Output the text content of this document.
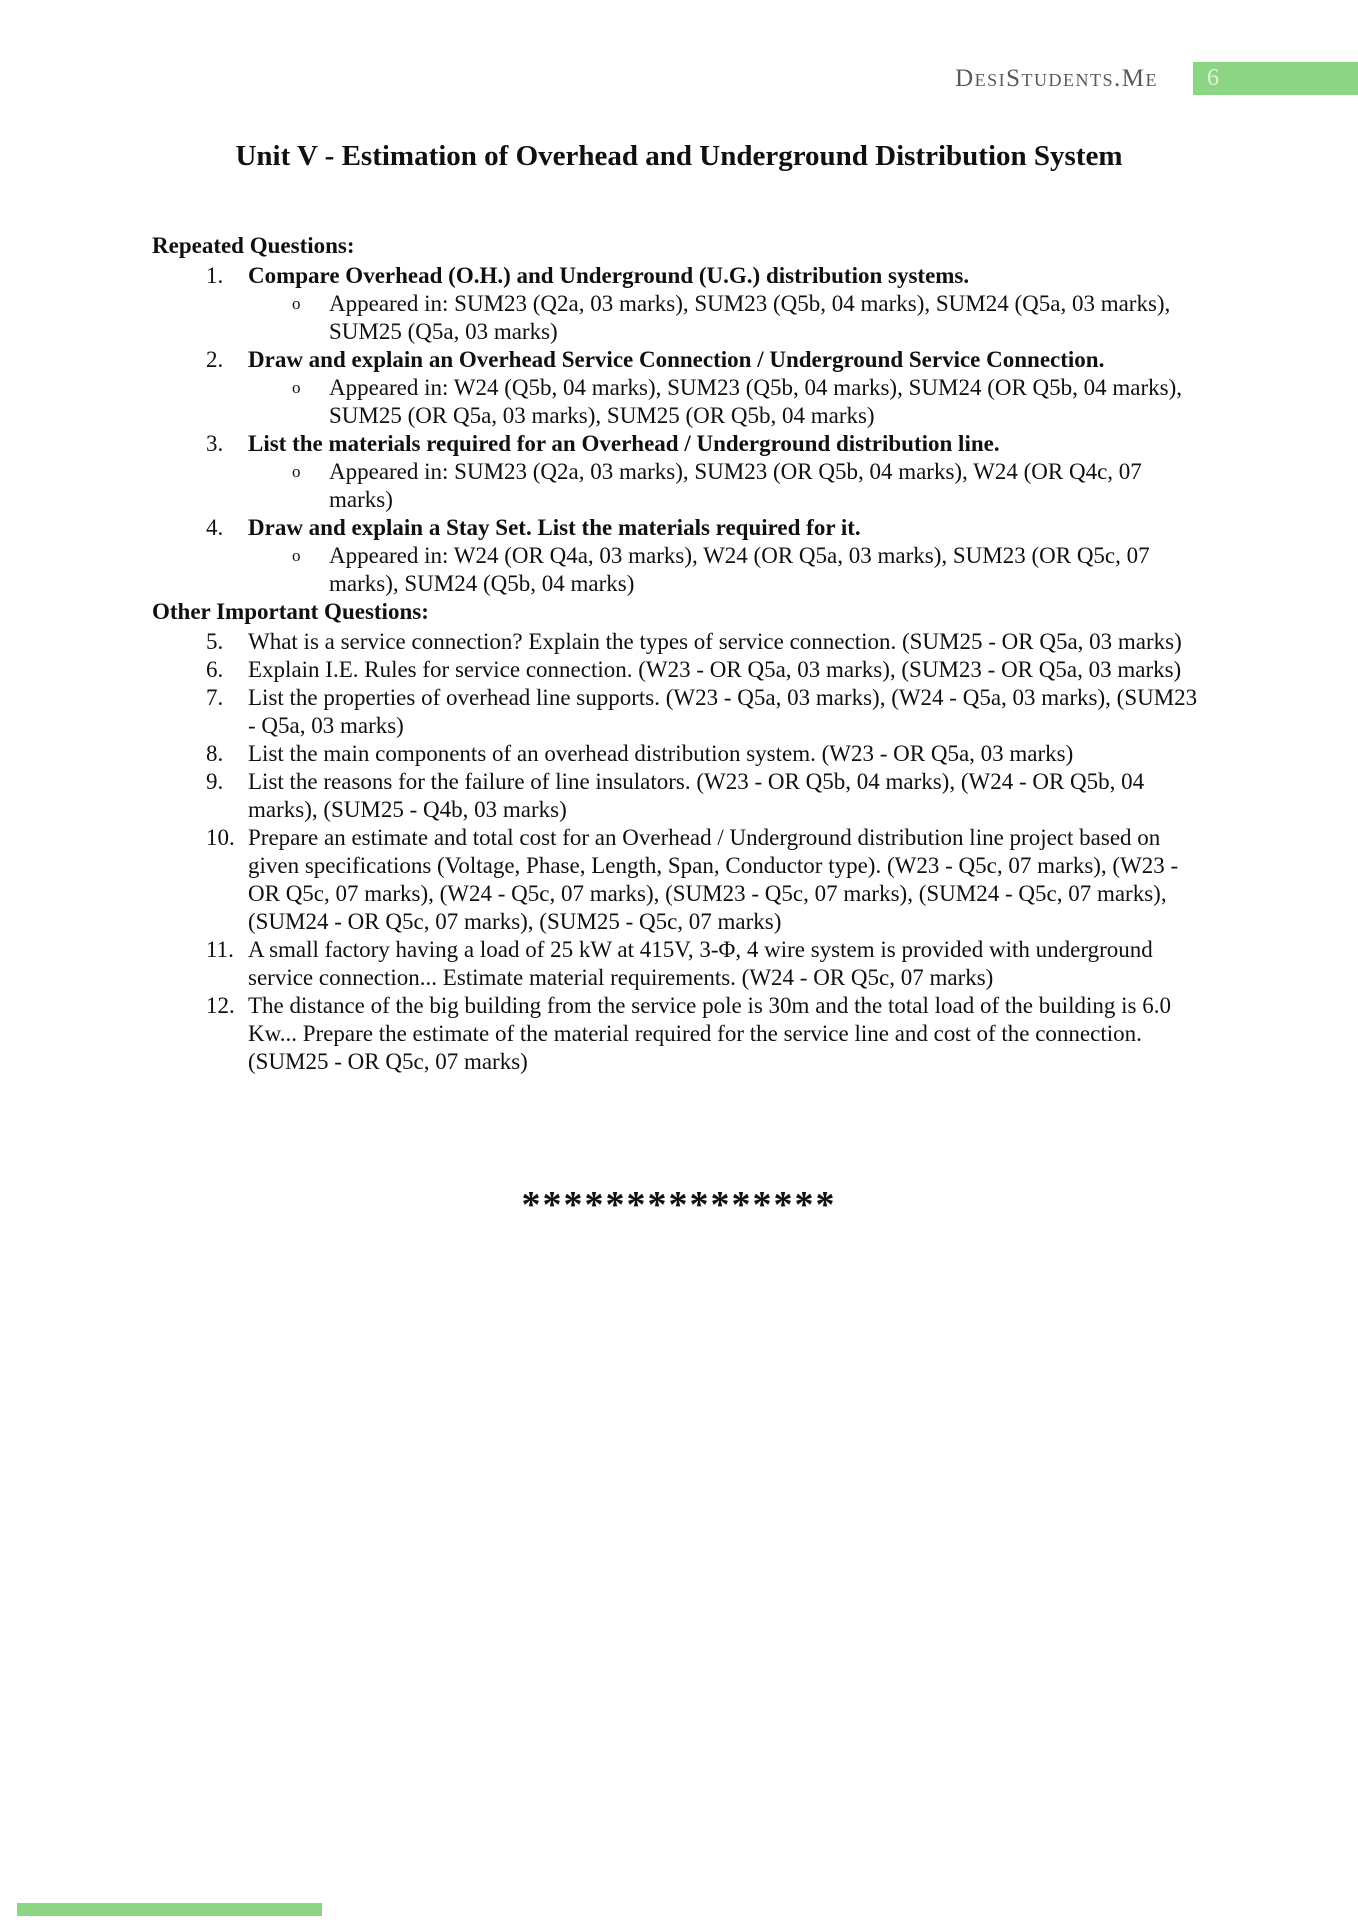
DesiStudents.Me 6
Unit V - Estimation of Overhead and Underground Distribution System
Repeated Questions:
1.	Compare Overhead (O.H.) and Underground (U.G.) distribution systems.
o	Appeared in: SUM23 (Q2a, 03 marks), SUM23 (Q5b, 04 marks), SUM24 (Q5a, 03 marks), SUM25 (Q5a, 03 marks)
2.	Draw and explain an Overhead Service Connection / Underground Service Connection.
o	Appeared in: W24 (Q5b, 04 marks), SUM23 (Q5b, 04 marks), SUM24 (OR Q5b, 04 marks), SUM25 (OR Q5a, 03 marks), SUM25 (OR Q5b, 04 marks)
3.	List the materials required for an Overhead / Underground distribution line.
o	Appeared in: SUM23 (Q2a, 03 marks), SUM23 (OR Q5b, 04 marks), W24 (OR Q4c, 07 marks)
4.	Draw and explain a Stay Set. List the materials required for it.
o	Appeared in: W24 (OR Q4a, 03 marks), W24 (OR Q5a, 03 marks), SUM23 (OR Q5c, 07 marks), SUM24 (Q5b, 04 marks)
Other Important Questions:
5.	What is a service connection? Explain the types of service connection. (SUM25 - OR Q5a, 03 marks)
6.	Explain I.E. Rules for service connection. (W23 - OR Q5a, 03 marks), (SUM23 - OR Q5a, 03 marks)
7.	List the properties of overhead line supports. (W23 - Q5a, 03 marks), (W24 - Q5a, 03 marks), (SUM23 - Q5a, 03 marks)
8.	List the main components of an overhead distribution system. (W23 - OR Q5a, 03 marks)
9.	List the reasons for the failure of line insulators. (W23 - OR Q5b, 04 marks), (W24 - OR Q5b, 04 marks), (SUM25 - Q4b, 03 marks)
10. Prepare an estimate and total cost for an Overhead / Underground distribution line project based on given specifications (Voltage, Phase, Length, Span, Conductor type). (W23 - Q5c, 07 marks), (W23 - OR Q5c, 07 marks), (W24 - Q5c, 07 marks), (SUM23 - Q5c, 07 marks), (SUM24 - Q5c, 07 marks), (SUM24 - OR Q5c, 07 marks), (SUM25 - Q5c, 07 marks)
11. A small factory having a load of 25 kW at 415V, 3-Φ, 4 wire system is provided with underground service connection... Estimate material requirements. (W24 - OR Q5c, 07 marks)
12. The distance of the big building from the service pole is 30m and the total load of the building is 6.0 Kw... Prepare the estimate of the material required for the service line and cost of the connection. (SUM25 - OR Q5c, 07 marks)
***************
